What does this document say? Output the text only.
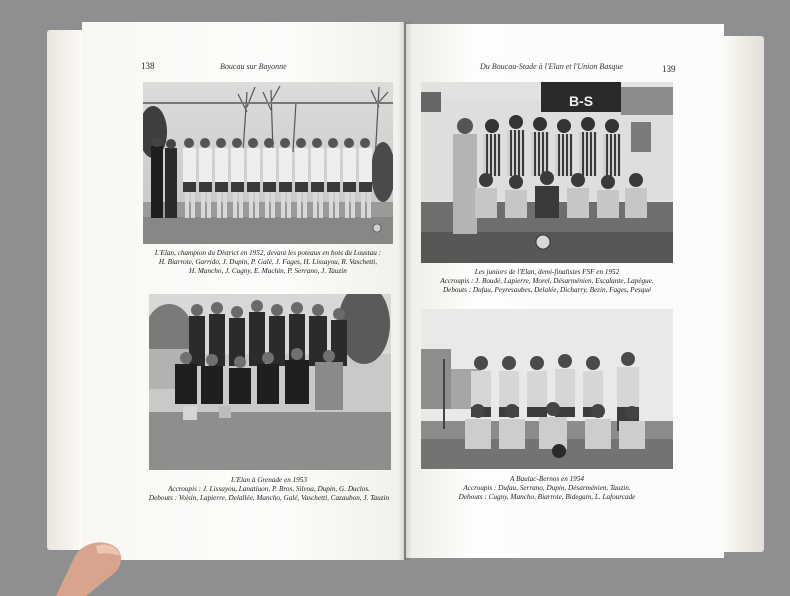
138	Boucau sur Bayonne
L'Elan, champion du District en 1952, devant les poteaux en bois du Loustau :
H. Biarrote, Garrido, J. Dupin, P. Galé, J. Fages, H. Lissayou, R. Vaschetti,
H. Mancho, J. Cugny, E. Machin, P. Serrano, J. Tauzin
L'Elan à Grenade en 1953
Accroupis : J. Lissayou, Lanatiuon, P. Bros, Silvoa, Dupin, G. Duclos.
Debouts : Voisin, Lapierre, Delallée, Mancho, Galé, Vaschetti, Cazaubon, J. Tauzin
Du Boucau-Stade à l'Elan et l'Union Basque	139
B-S
Les juniors de l'Elan, demi-finalistes FSF en 1952
Accroupis : J. Boudé, Lapierre, Morel, Désarménien, Escalante, Lapègue.
Debouts : Dufau, Peyresaubes, Delalée, Dicharry, Bezin, Fages, Pesqué
A Baulac-Bernos en 1954
Accroupis : Dufau, Serrano, Dupin, Désarménien, Tauzin.
Debouts : Cugny, Mancho, Biarrote, Bidegain, L. Lafourcade
